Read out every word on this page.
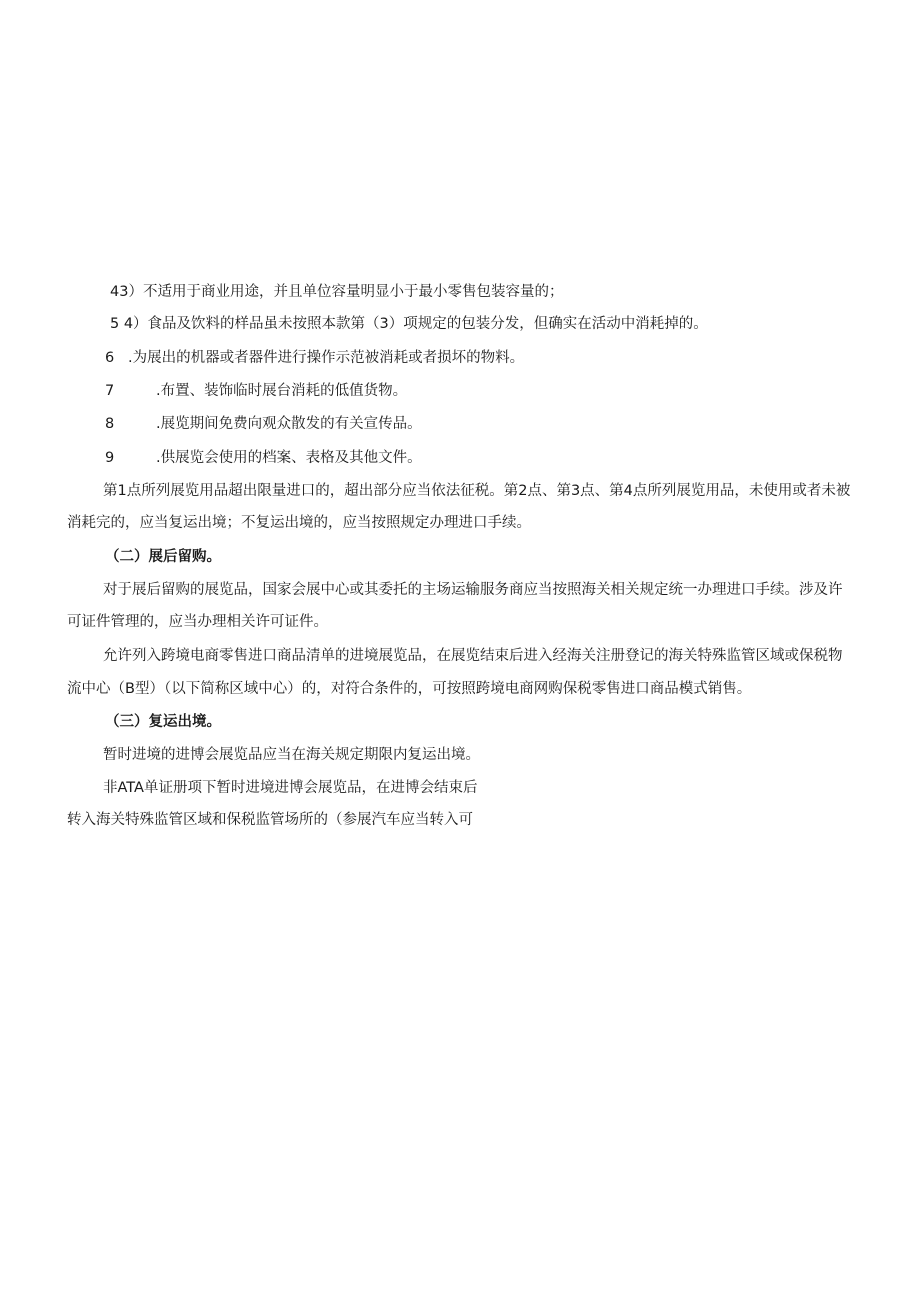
43）不适用于商业用途，并且单位容量明显小于最小零售包装容量的；
5 4）食品及饮料的样品虽未按照本款第（3）项规定的包装分发，但确实在活动中消耗掉的。
6 .为展出的机器或者器件进行操作示范被消耗或者损坏的物料。
7	.布置、装饰临时展台消耗的低值货物。
8	.展览期间免费向观众散发的有关宣传品。
9	.供展览会使用的档案、表格及其他文件。
第1点所列展览用品超出限量进口的，超出部分应当依法征税。第2点、第3点、第4点所列展览用品，未使用或者未被
消耗完的，应当复运出境；不复运出境的，应当按照规定办理进口手续。
（二）展后留购。
对于展后留购的展览品，国家会展中心或其委托的主场运输服务商应当按照海关相关规定统一办理进口手续。涉及许
可证件管理的，应当办理相关许可证件。
允许列入跨境电商零售进口商品清单的进境展览品，在展览结束后进入经海关注册登记的海关特殊监管区域或保税物
流中心（B型）（以下简称区域中心）的，对符合条件的，可按照跨境电商网购保税零售进口商品模式销售。
（三）复运出境。
暂时进境的进博会展览品应当在海关规定期限内复运出境。
非ATA单证册项下暂时进境进博会展览品，在进博会结束后
转入海关特殊监管区域和保税监管场所的（参展汽车应当转入可
